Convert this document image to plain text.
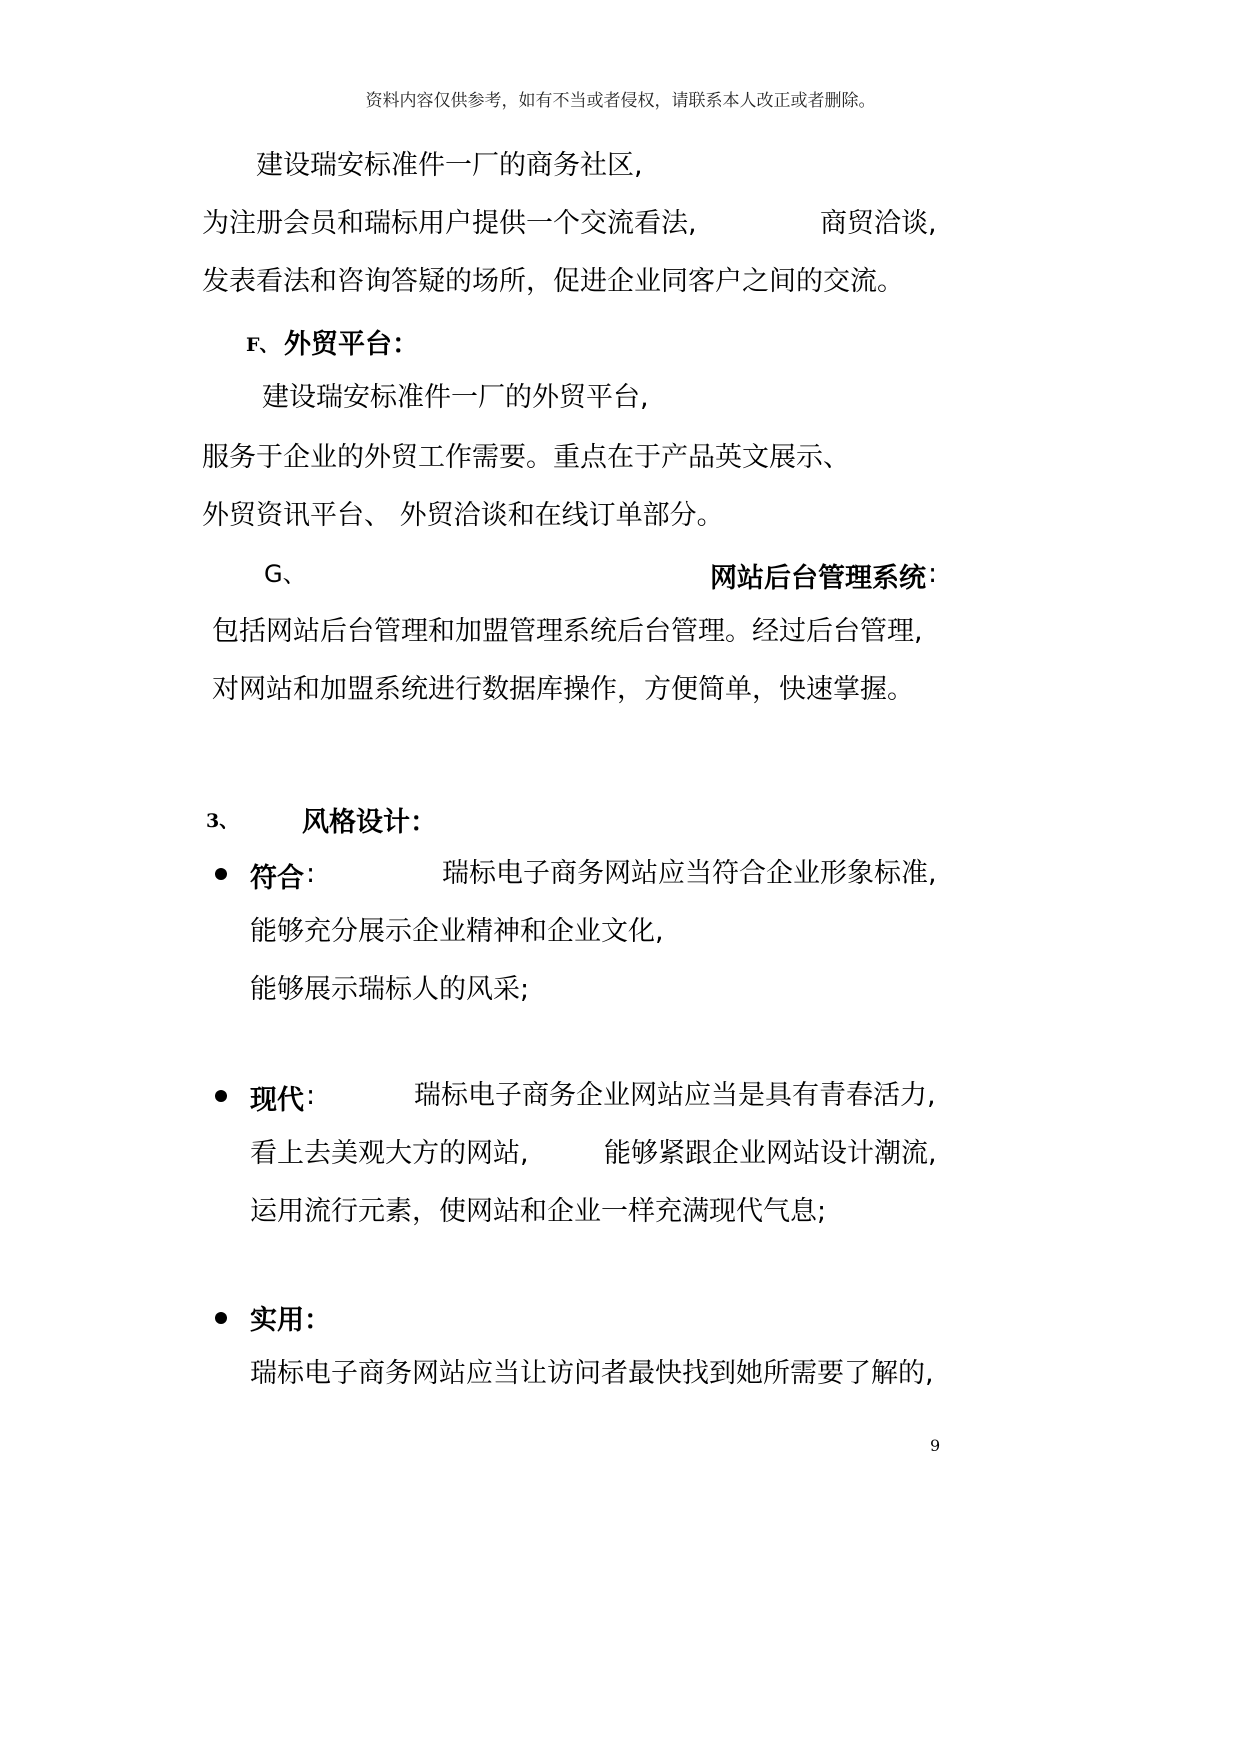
资料内容仅供参考，如有不当或者侵权，请联系本人改正或者删除。
建设瑞安标准件一厂的商务社区,
为注册会员和瑞标用户提供一个交流看法,	商贸洽谈,
发表看法和咨询答疑的场所，促进企业同客户之间的交流。
F、 外贸平台：
建设瑞安标准件一厂的外贸平台,
服务于企业的外贸工作需要。重点在于产品英文展示、
外贸资讯平台、 外贸洽谈和在线订单部分。
G、	网站后台管理系统 :
包括网站后台管理和加盟管理系统后台管理。经过后台管理,
对网站和加盟系统进行数据库操作，方便简单，快速掌握。
3、 风格设计：
符合 :	瑞标电子商务网站应当符合企业形象标准,
能够充分展示企业精神和企业文化,
能够展示瑞标人的风采;
现代 :	瑞标电子商务企业网站应当是具有青春活力,
看上去美观大方的网站,	能够紧跟企业网站设计潮流,
运用流行元素，使网站和企业一样充满现代气息;
实用：
瑞标电子商务网站应当让访问者最快找到她所需要了解的,
9
